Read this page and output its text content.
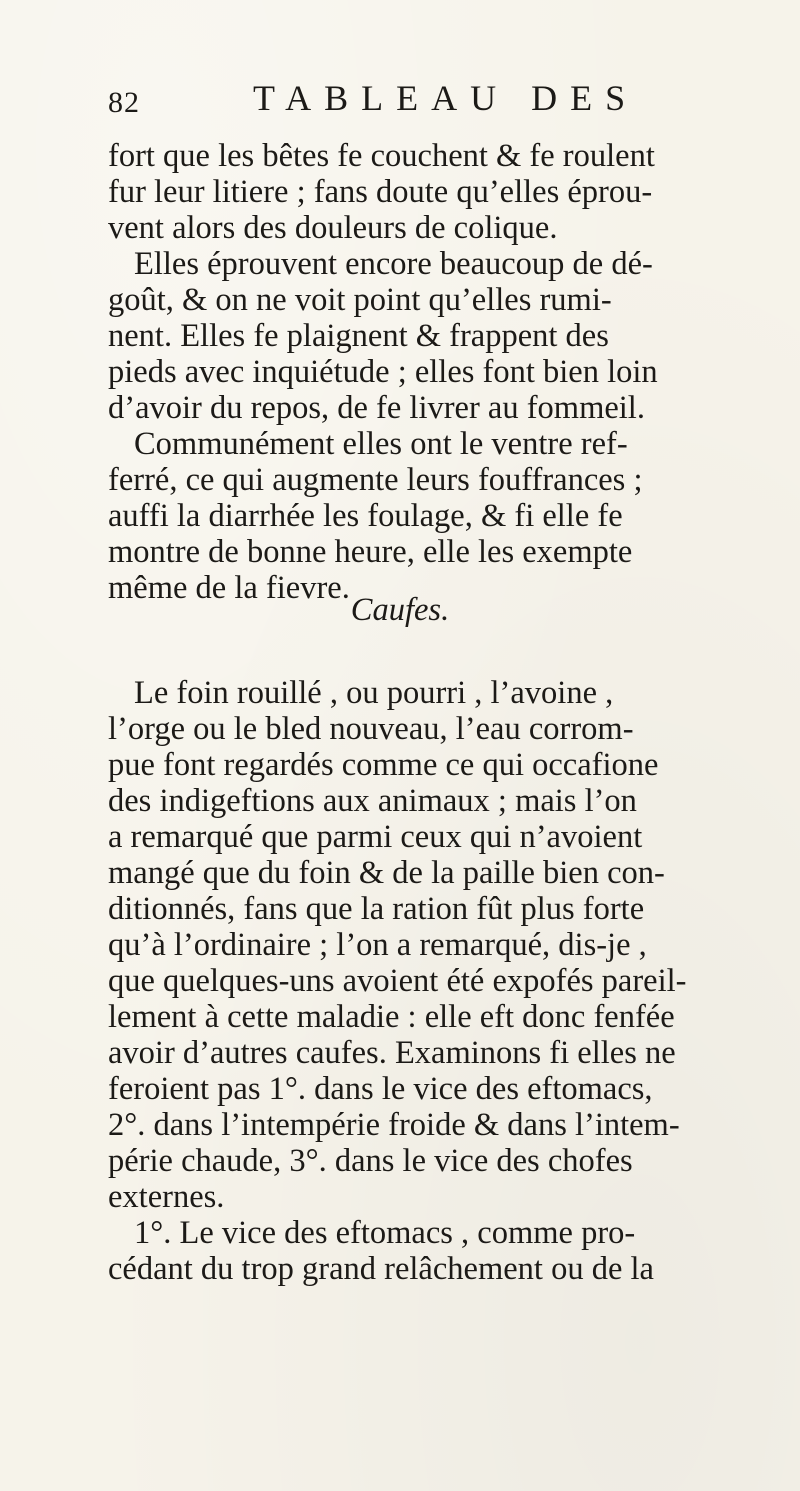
82	TABLEAU DES
fort que les bêtes fe couchent & fe roulent
fur leur litiere ; fans doute qu’elles éprou-
vent alors des douleurs de colique.
Elles éprouvent encore beaucoup de dé-
goût, & on ne voit point qu’elles rumi-
nent. Elles fe plaignent & frappent des
pieds avec inquiétude ; elles font bien loin
d’avoir du repos, de fe livrer au fommeil.
Communément elles ont le ventre ref-
ferré, ce qui augmente leurs fouffrances ;
auffi la diarrhée les foulage, & fi elle fe
montre de bonne heure, elle les exempte
même de la fievre.
Caufes.
Le foin rouillé , ou pourri , l’avoine ,
l’orge ou le bled nouveau, l’eau corrom-
pue font regardés comme ce qui occafione
des indigeftions aux animaux ; mais l’on
a remarqué que parmi ceux qui n’avoient
mangé que du foin & de la paille bien con-
ditionnés, fans que la ration fût plus forte
qu’à l’ordinaire ; l’on a remarqué, dis-je ,
que quelques-uns avoient été expofés pareil-
lement à cette maladie : elle eft donc fenfée
avoir d’autres caufes. Examinons fi elles ne
feroient pas 1°. dans le vice des eftomacs,
2°. dans l’intempérie froide & dans l’intem-
périe chaude, 3°. dans le vice des chofes
externes.
1°. Le vice des eftomacs , comme pro-
cédant du trop grand relâchement ou de la
